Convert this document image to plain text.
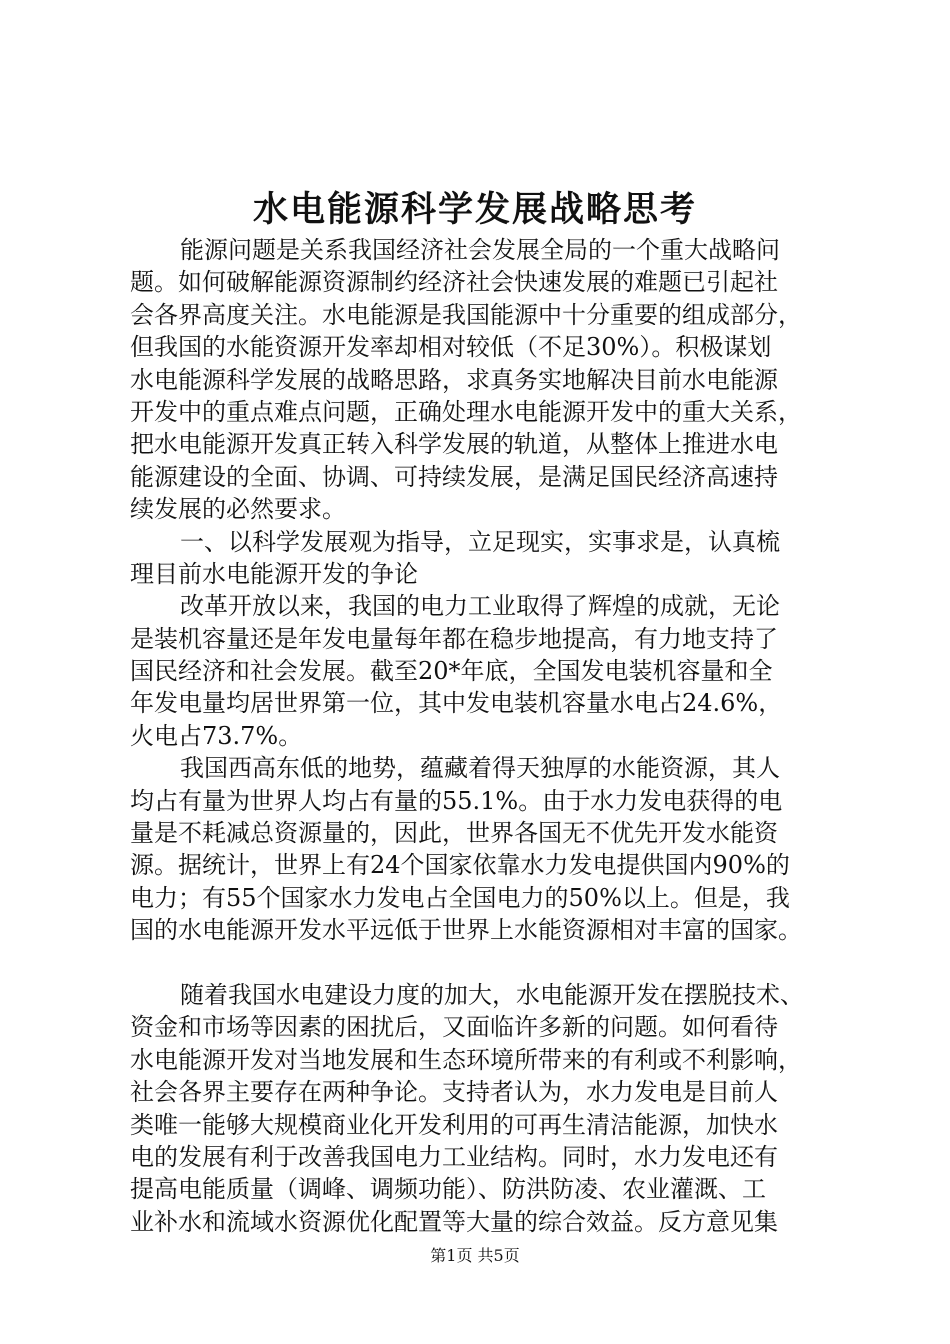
水电能源科学发展战略思考
能源问题是关系我国经济社会发展全局的一个重大战略问
题。如何破解能源资源制约经济社会快速发展的难题已引起社
会各界高度关注。水电能源是我国能源中十分重要的组成部分，
但我国的水能资源开发率却相对较低（不足30%）。积极谋划
水电能源科学发展的战略思路，求真务实地解决目前水电能源
开发中的重点难点问题，正确处理水电能源开发中的重大关系，
把水电能源开发真正转入科学发展的轨道，从整体上推进水电
能源建设的全面、协调、可持续发展，是满足国民经济高速持
续发展的必然要求。
一、以科学发展观为指导，立足现实，实事求是，认真梳
理目前水电能源开发的争论
改革开放以来，我国的电力工业取得了辉煌的成就，无论
是装机容量还是年发电量每年都在稳步地提高，有力地支持了
国民经济和社会发展。截至20*年底，全国发电装机容量和全
年发电量均居世界第一位，其中发电装机容量水电占24.6%，
火电占73.7%。
我国西高东低的地势，蕴藏着得天独厚的水能资源，其人
均占有量为世界人均占有量的55.1%。由于水力发电获得的电
量是不耗减总资源量的，因此，世界各国无不优先开发水能资
源。据统计，世界上有24个国家依靠水力发电提供国内90%的
电力；有55个国家水力发电占全国电力的50%以上。但是，我
国的水电能源开发水平远低于世界上水能资源相对丰富的国家。
随着我国水电建设力度的加大，水电能源开发在摆脱技术、
资金和市场等因素的困扰后，又面临许多新的问题。如何看待
水电能源开发对当地发展和生态环境所带来的有利或不利影响，
社会各界主要存在两种争论。支持者认为，水力发电是目前人
类唯一能够大规模商业化开发利用的可再生清洁能源，加快水
电的发展有利于改善我国电力工业结构。同时，水力发电还有
提高电能质量（调峰、调频功能）、防洪防凌、农业灌溉、工
业补水和流域水资源优化配置等大量的综合效益。反方意见集
第1页 共5页
